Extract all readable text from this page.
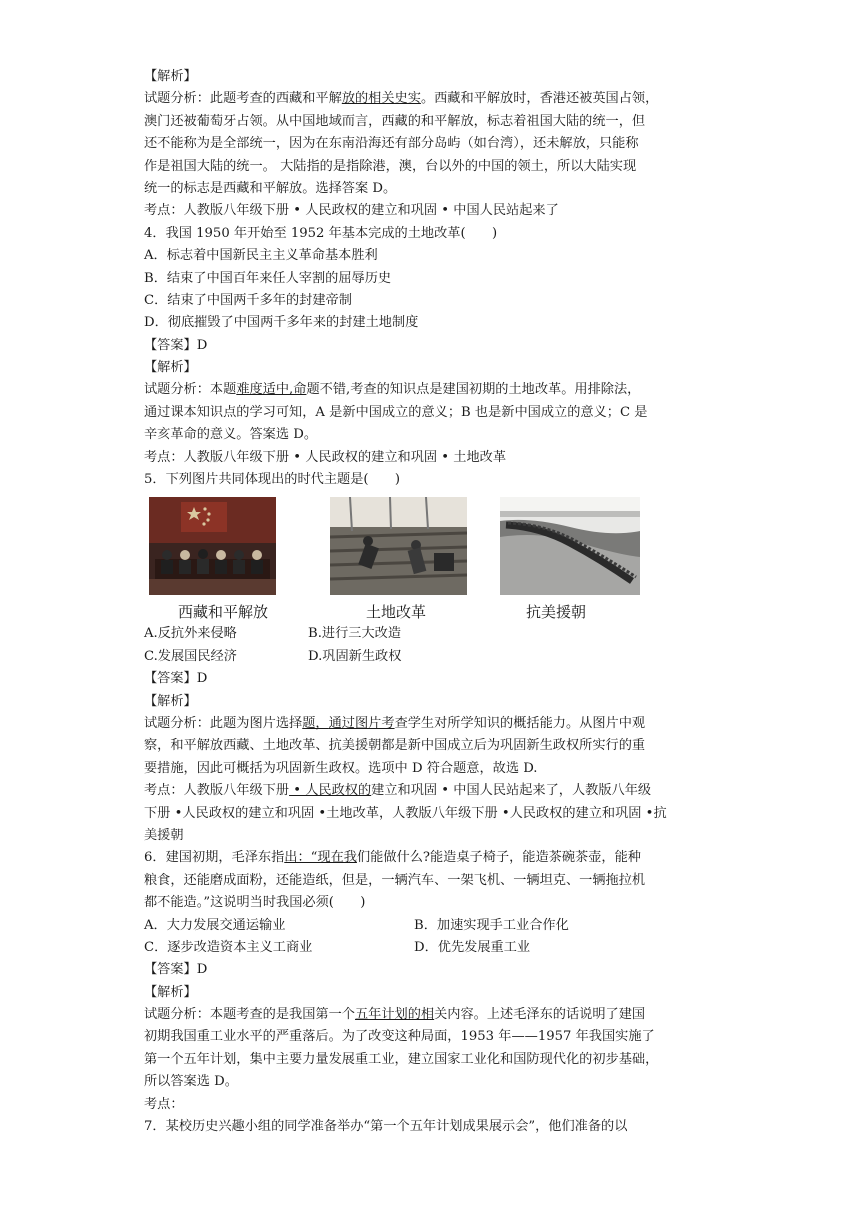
【解析】
试题分析：此题考查的西藏和平解放的相关史实。西藏和平解放时，香港还被英国占领，
澳门还被葡萄牙占领。从中国地域而言，西藏的和平解放，标志着祖国大陆的统一，但
还不能称为是全部统一，因为在东南沿海还有部分岛屿（如台湾），还未解放，只能称
作是祖国大陆的统一。 大陆指的是指除港，澳，台以外的中国的领土，所以大陆实现
统一的标志是西藏和平解放。选择答案 D。
考点：人教版八年级下册 • 人民政权的建立和巩固 • 中国人民站起来了
4．我国 1950 年开始至 1952 年基本完成的土地改革(　　)
A．标志着中国新民主主义革命基本胜利
B．结束了中国百年来任人宰割的屈辱历史
C．结束了中国两千多年的封建帝制
D．彻底摧毁了中国两千多年来的封建土地制度
【答案】D
【解析】
试题分析：本题难度适中,命题不错,考查的知识点是建国初期的土地改革。用排除法，
通过课本知识点的学习可知，A 是新中国成立的意义；B 也是新中国成立的意义；C 是
辛亥革命的意义。答案选 D。
考点：人教版八年级下册 • 人民政权的建立和巩固 • 土地改革
5．下列图片共同体现出的时代主题是(　　)
西藏和平解放	土地改革	抗美援朝
A.反抗外来侵略	B.进行三大改造
C.发展国民经济	D.巩固新生政权
【答案】D
【解析】
试题分析：此题为图片选择题，通过图片考查学生对所学知识的概括能力。从图片中观
察，和平解放西藏、土地改革、抗美援朝都是新中国成立后为巩固新生政权所实行的重
要措施，因此可概括为巩固新生政权。选项中 D 符合题意，故选 D.
考点：人教版八年级下册 • 人民政权的建立和巩固 • 中国人民站起来了，人教版八年级
下册 •人民政权的建立和巩固 •土地改革，人教版八年级下册 •人民政权的建立和巩固 •抗
美援朝
6．建国初期，毛泽东指出：“现在我们能做什么?能造桌子椅子，能造茶碗茶壶，能种
粮食，还能磨成面粉，还能造纸，但是，一辆汽车、一架飞机、一辆坦克、一辆拖拉机
都不能造。”这说明当时我国必须(　　)
A．大力发展交通运输业	B．加速实现手工业合作化
C．逐步改造资本主义工商业	D．优先发展重工业
【答案】D
【解析】
试题分析：本题考查的是我国第一个五年计划的相关内容。上述毛泽东的话说明了建国
初期我国重工业水平的严重落后。为了改变这种局面，1953 年——1957 年我国实施了
第一个五年计划，集中主要力量发展重工业，建立国家工业化和国防现代化的初步基础，
所以答案选 D。
考点：
7．某校历史兴趣小组的同学准备举办“第一个五年计划成果展示会”，他们准备的以
